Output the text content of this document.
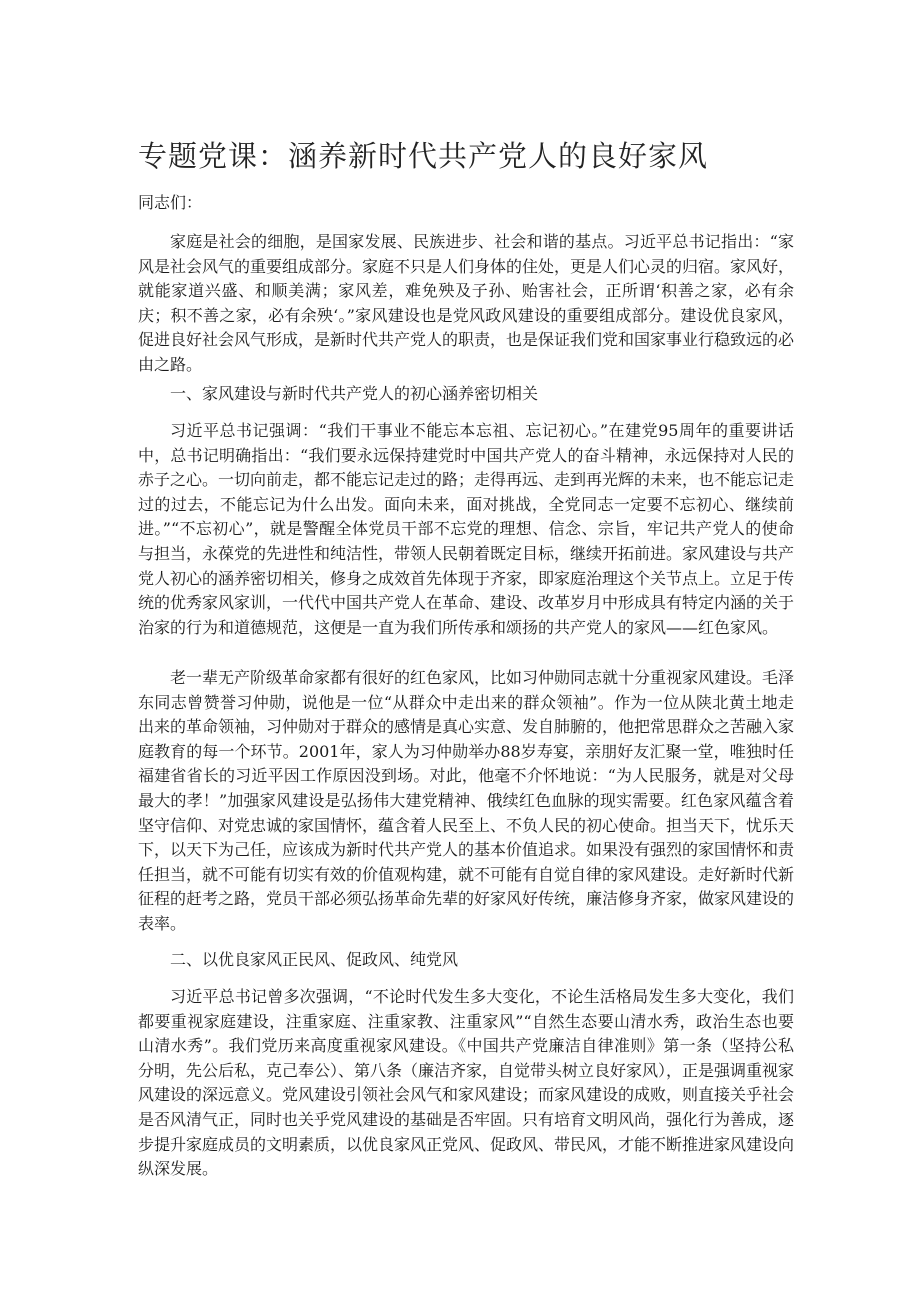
专题党课：涵养新时代共产党人的良好家风

同志们：

家庭是社会的细胞，是国家发展、民族进步、社会和谐的基点。习近平总书记指出：“家风是社会风气的重要组成部分。家庭不只是人们身体的住处，更是人们心灵的归宿。家风好，就能家道兴盛、和顺美满；家风差，难免殃及子孙、贻害社会，正所谓‘积善之家，必有余庆；积不善之家，必有余殃‘。”家风建设也是党风政风建设的重要组成部分。建设优良家风，促进良好社会风气形成，是新时代共产党人的职责，也是保证我们党和国家事业行稳致远的必由之路。

一、家风建设与新时代共产党人的初心涵养密切相关

习近平总书记强调：“我们干事业不能忘本忘祖、忘记初心。”在建党95周年的重要讲话中，总书记明确指出：“我们要永远保持建党时中国共产党人的奋斗精神，永远保持对人民的赤子之心。一切向前走，都不能忘记走过的路；走得再远、走到再光辉的未来，也不能忘记走过的过去，不能忘记为什么出发。面向未来，面对挑战，全党同志一定要不忘初心、继续前进。”“不忘初心”，就是警醒全体党员干部不忘党的理想、信念、宗旨，牢记共产党人的使命与担当，永葆党的先进性和纯洁性，带领人民朝着既定目标，继续开拓前进。家风建设与共产党人初心的涵养密切相关，修身之成效首先体现于齐家，即家庭治理这个关节点上。立足于传统的优秀家风家训，一代代中国共产党人在革命、建设、改革岁月中形成具有特定内涵的关于治家的行为和道德规范，这便是一直为我们所传承和颂扬的共产党人的家风——红色家风。

老一辈无产阶级革命家都有很好的红色家风，比如习仲勋同志就十分重视家风建设。毛泽东同志曾赞誉习仲勋，说他是一位“从群众中走出来的群众领袖”。作为一位从陕北黄土地走出来的革命领袖，习仲勋对于群众的感情是真心实意、发自肺腑的，他把常思群众之苦融入家庭教育的每一个环节。2001年，家人为习仲勋举办88岁寿宴，亲朋好友汇聚一堂，唯独时任福建省省长的习近平因工作原因没到场。对此，他毫不介怀地说：“为人民服务，就是对父母最大的孝！”加强家风建设是弘扬伟大建党精神、俄续红色血脉的现实需要。红色家风蕴含着坚守信仰、对党忠诚的家国情怀，蕴含着人民至上、不负人民的初心使命。担当天下，忧乐天下，以天下为己任，应该成为新时代共产党人的基本价值追求。如果没有强烈的家国情怀和责任担当，就不可能有切实有效的价值观构建，就不可能有自觉自律的家风建设。走好新时代新征程的赶考之路，党员干部必须弘扬革命先辈的好家风好传统，廉洁修身齐家，做家风建设的表率。

二、以优良家风正民风、促政风、纯党风

习近平总书记曾多次强调，“不论时代发生多大变化，不论生活格局发生多大变化，我们都要重视家庭建设，注重家庭、注重家教、注重家风”“自然生态要山清水秀，政治生态也要山清水秀”。我们党历来高度重视家风建设。《中国共产党廉洁自律准则》第一条（坚持公私分明，先公后私，克己奉公）、第八条（廉洁齐家，自觉带头树立良好家风），正是强调重视家风建设的深远意义。党风建设引领社会风气和家风建设；而家风建设的成败，则直接关乎社会是否风清气正，同时也关乎党风建设的基础是否牢固。只有培育文明风尚，强化行为善成，逐步提升家庭成员的文明素质，以优良家风正党风、促政风、带民风，才能不断推进家风建设向纵深发展。
